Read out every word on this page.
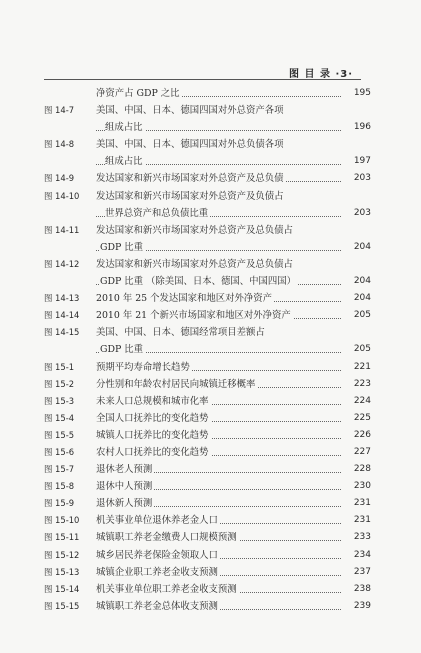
图 目 录 ·3·
净资产占 GDP 之比	195
图 14-7	美国、中国、日本、德国四国对外总资产各项
组成占比	196
图 14-8	美国、中国、日本、德国四国对外总负债各项
组成占比	197
图 14-9	发达国家和新兴市场国家对外总资产及总负债	203
图 14-10	发达国家和新兴市场国家对外总资产及负债占
世界总资产和总负债比重	203
图 14-11	发达国家和新兴市场国家对外总资产及总负债占
GDP 比重	204
图 14-12	发达国家和新兴市场国家对外总资产及总负债占
GDP 比重 （除美国、日本、德国、中国四国）	204
图 14-13	2010 年 25 个发达国家和地区对外净资产	204
图 14-14	2010 年 21 个新兴市场国家和地区对外净资产	205
图 14-15	美国、中国、日本、德国经常项目差额占
GDP 比重	205
图 15-1	预期平均寿命增长趋势	221
图 15-2	分性别和年龄农村居民向城镇迁移概率	223
图 15-3	未来人口总规模和城市化率	224
图 15-4	全国人口抚养比的变化趋势	225
图 15-5	城镇人口抚养比的变化趋势	226
图 15-6	农村人口抚养比的变化趋势	227
图 15-7	退休老人预测	228
图 15-8	退休中人预测	230
图 15-9	退休新人预测	231
图 15-10	机关事业单位退休养老金人口	231
图 15-11	城镇职工养老金缴费人口规模预测	233
图 15-12	城乡居民养老保险金领取人口	234
图 15-13	城镇企业职工养老金收支预测	237
图 15-14	机关事业单位职工养老金收支预测	238
图 15-15	城镇职工养老金总体收支预测	239
